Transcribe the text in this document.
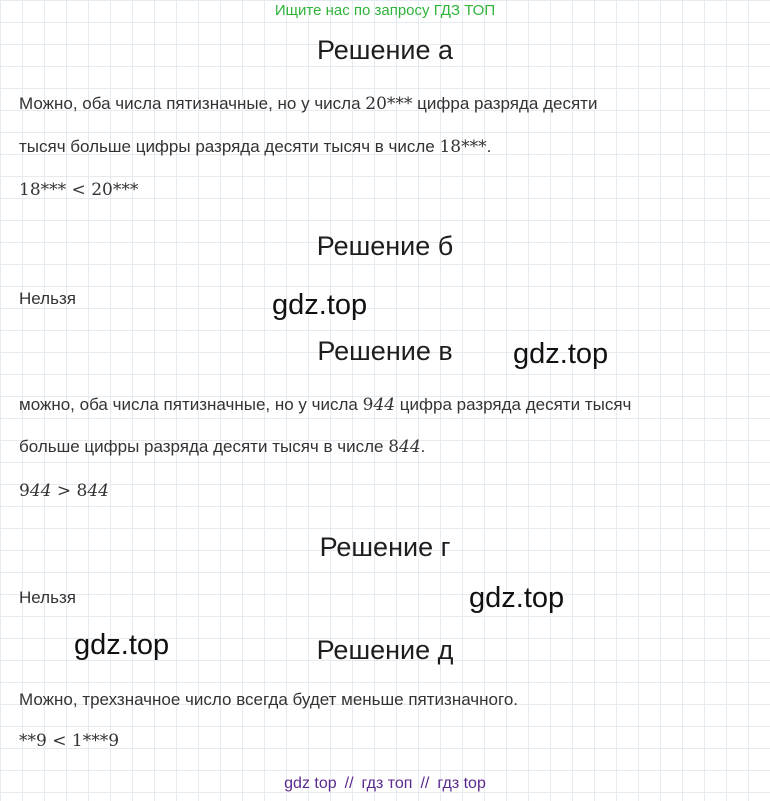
Ищите нас по запросу ГДЗ ТОП
Решение а
Можно, оба числа пятизначные, но у числа 20*** цифра разряда десяти
тысяч больше цифры разряда десяти тысяч в числе 18***.
18*** < 20***
Решение б
Нельзя	gdz.top
Решение в	gdz.top
можно, оба числа пятизначные, но у числа 944 цифра разряда десяти тысяч
больше цифры разряда десяти тысяч в числе 844.
944 > 844
Решение г
Нельзя	gdz.top
gdz.top	Решение д
Можно, трехзначное число всегда будет меньше пятизначного.
**9 < 1***9
gdz top // гдз топ // гдз top
